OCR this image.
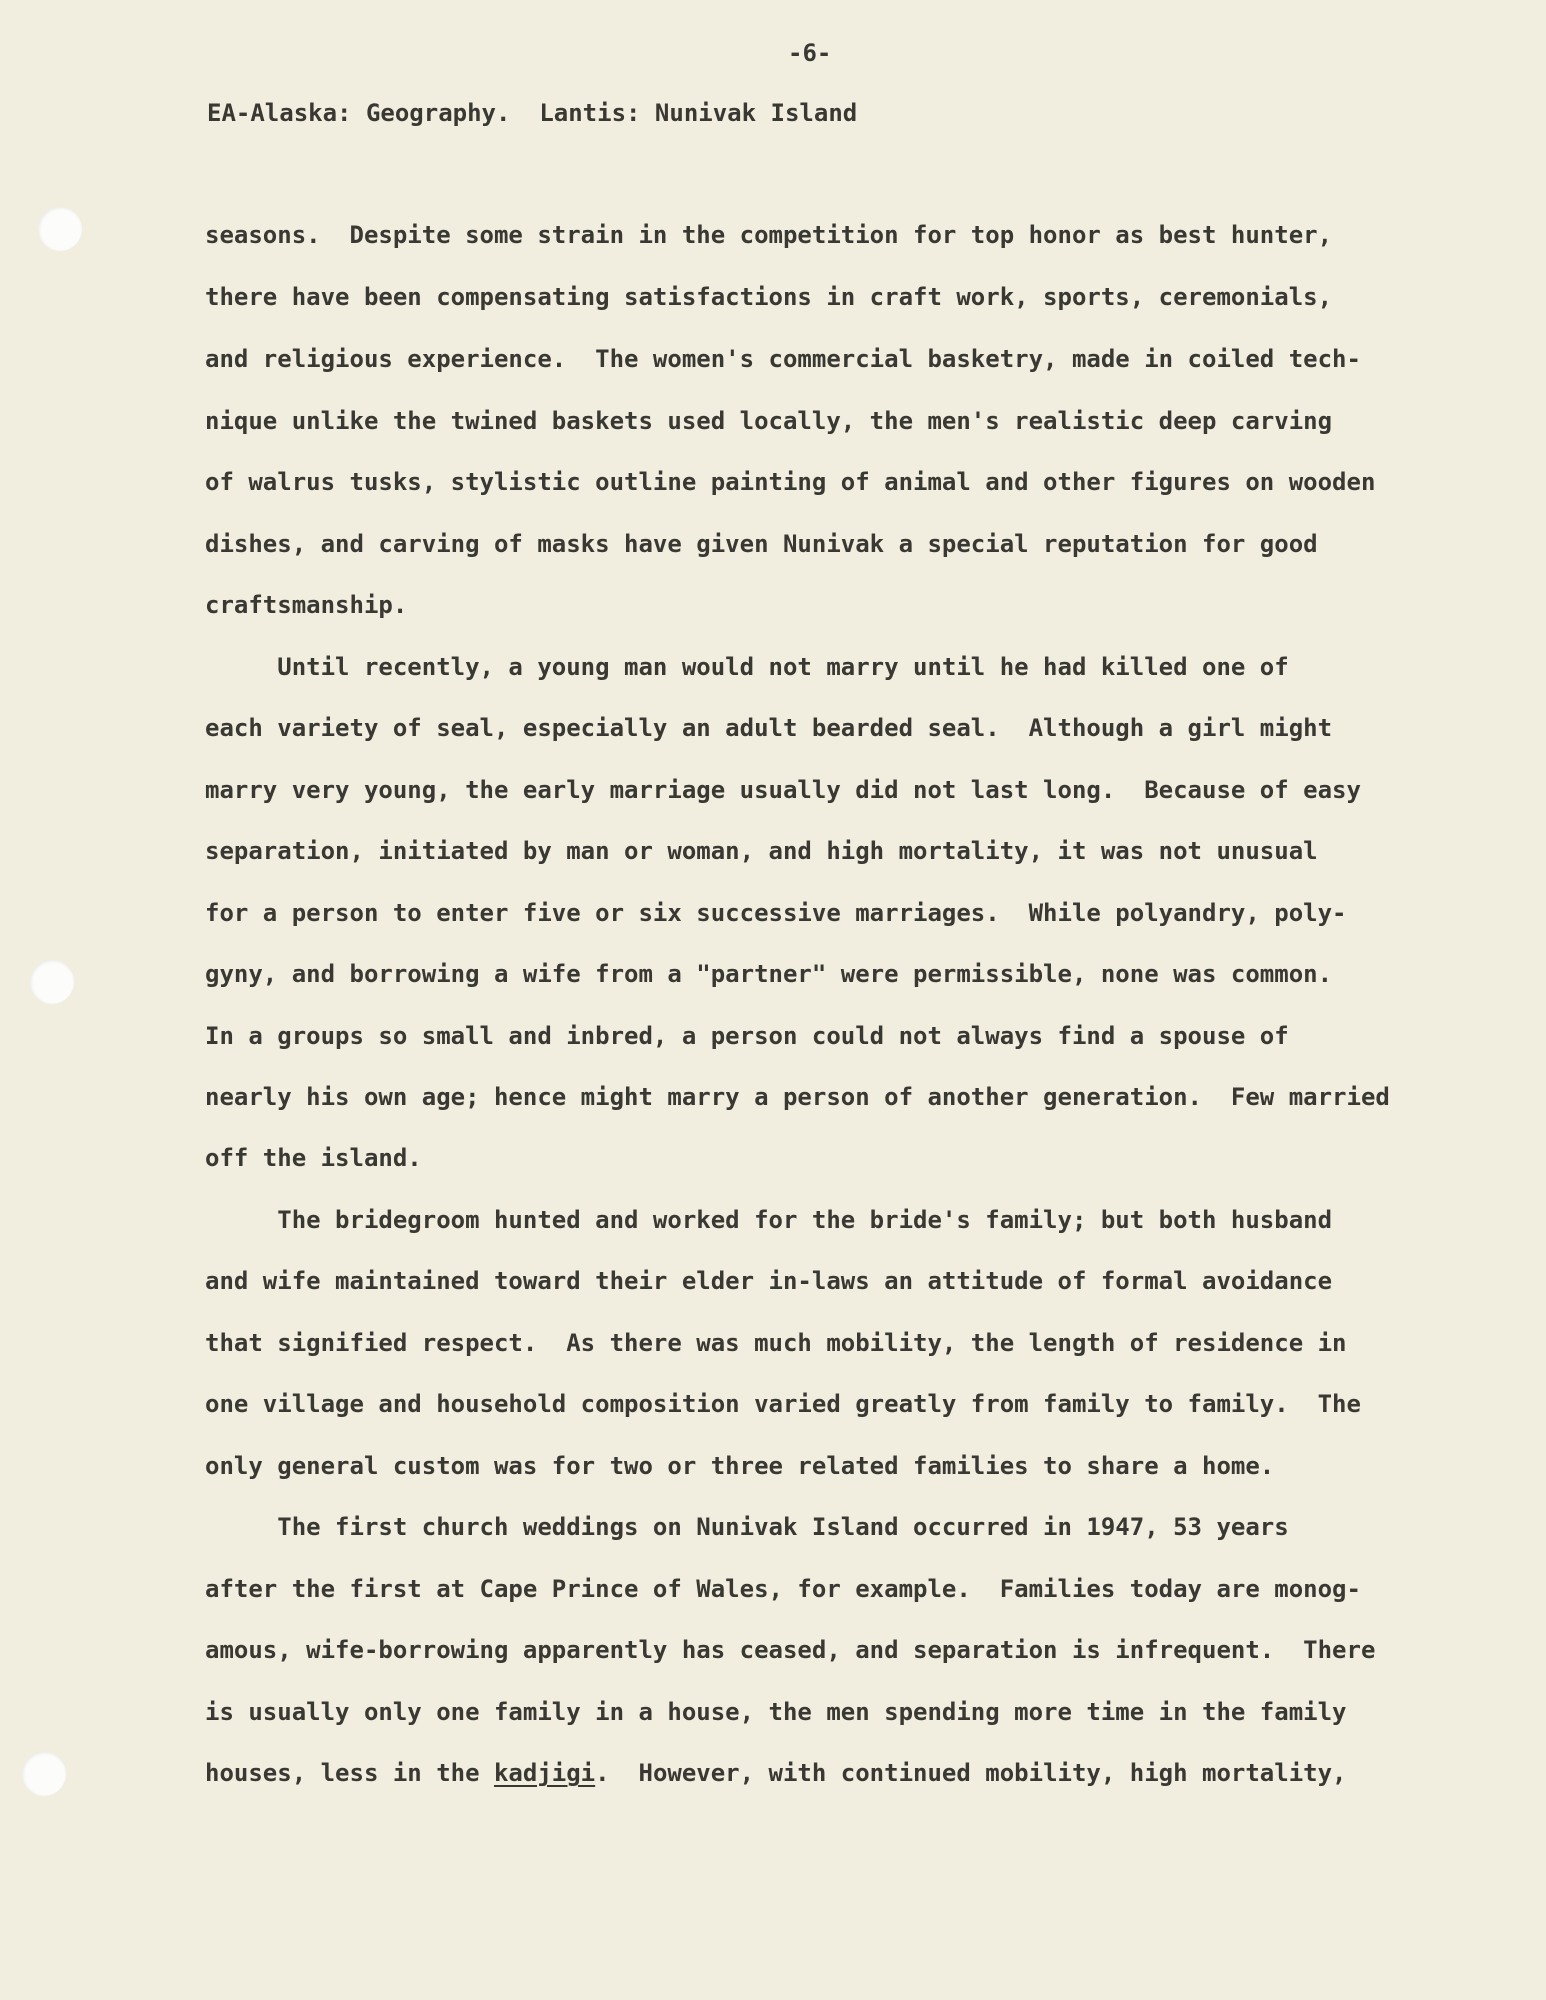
-6-
EA-Alaska: Geography.  Lantis: Nunivak Island
seasons.  Despite some strain in the competition for top honor as best hunter,
there have been compensating satisfactions in craft work, sports, ceremonials,
and religious experience.  The women's commercial basketry, made in coiled tech-
nique unlike the twined baskets used locally, the men's realistic deep carving
of walrus tusks, stylistic outline painting of animal and other figures on wooden
dishes, and carving of masks have given Nunivak a special reputation for good
craftsmanship.
Until recently, a young man would not marry until he had killed one of
each variety of seal, especially an adult bearded seal.  Although a girl might
marry very young, the early marriage usually did not last long.  Because of easy
separation, initiated by man or woman, and high mortality, it was not unusual
for a person to enter five or six successive marriages.  While polyandry, poly-
gyny, and borrowing a wife from a "partner" were permissible, none was common.
In a groups so small and inbred, a person could not always find a spouse of
nearly his own age; hence might marry a person of another generation.  Few married
off the island.
The bridegroom hunted and worked for the bride's family; but both husband
and wife maintained toward their elder in-laws an attitude of formal avoidance
that signified respect.  As there was much mobility, the length of residence in
one village and household composition varied greatly from family to family.  The
only general custom was for two or three related families to share a home.
The first church weddings on Nunivak Island occurred in 1947, 53 years
after the first at Cape Prince of Wales, for example.  Families today are monog-
amous, wife-borrowing apparently has ceased, and separation is infrequent.  There
is usually only one family in a house, the men spending more time in the family
houses, less in the kadjigi.  However, with continued mobility, high mortality,
